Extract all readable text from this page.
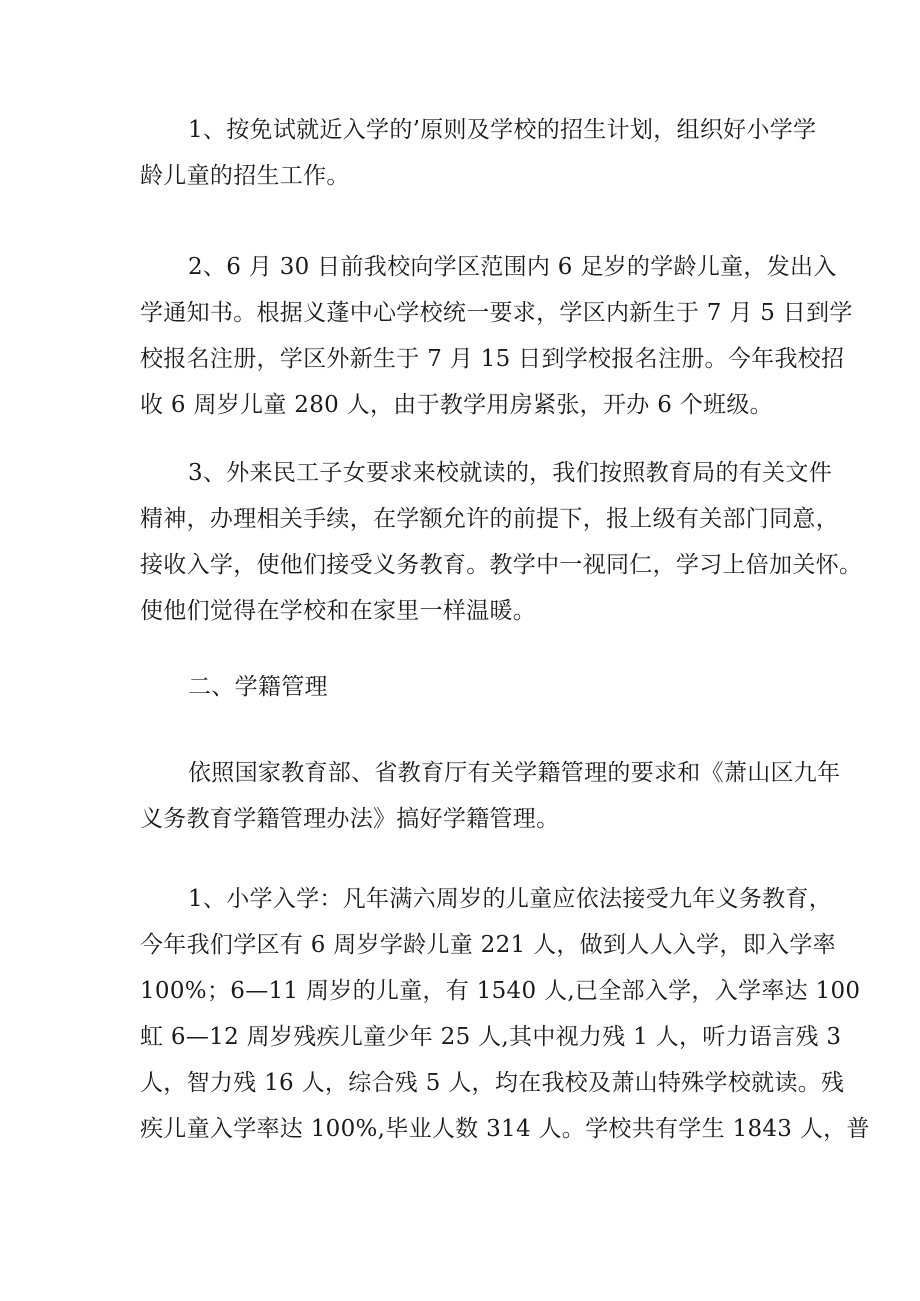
1、按免试就近入学的’原则及学校的招生计划，组织好小学学
龄儿童的招生工作。
2、6 月 30 日前我校向学区范围内 6 足岁的学龄儿童，发出入
学通知书。根据义蓬中心学校统一要求，学区内新生于 7 月 5 日到学
校报名注册，学区外新生于 7 月 15 日到学校报名注册。今年我校招
收 6 周岁儿童 280 人，由于教学用房紧张，开办 6 个班级。
3、外来民工子女要求来校就读的，我们按照教育局的有关文件
精神，办理相关手续，在学额允许的前提下，报上级有关部门同意，
接收入学，使他们接受义务教育。教学中一视同仁，学习上倍加关怀。
使他们觉得在学校和在家里一样温暖。
二、学籍管理
依照国家教育部、省教育厅有关学籍管理的要求和《萧山区九年
义务教育学籍管理办法》搞好学籍管理。
1、小学入学：凡年满六周岁的儿童应依法接受九年义务教育，
今年我们学区有 6 周岁学龄儿童 221 人，做到人人入学，即入学率
100%；6—11 周岁的儿童，有 1540 人,已全部入学，入学率达 100
虹 6—12 周岁残疾儿童少年 25 人,其中视力残 1 人，听力语言残 3
人，智力残 16 人，综合残 5 人，均在我校及萧山特殊学校就读。残
疾儿童入学率达 100%,毕业人数 314 人。学校共有学生 1843 人，普
